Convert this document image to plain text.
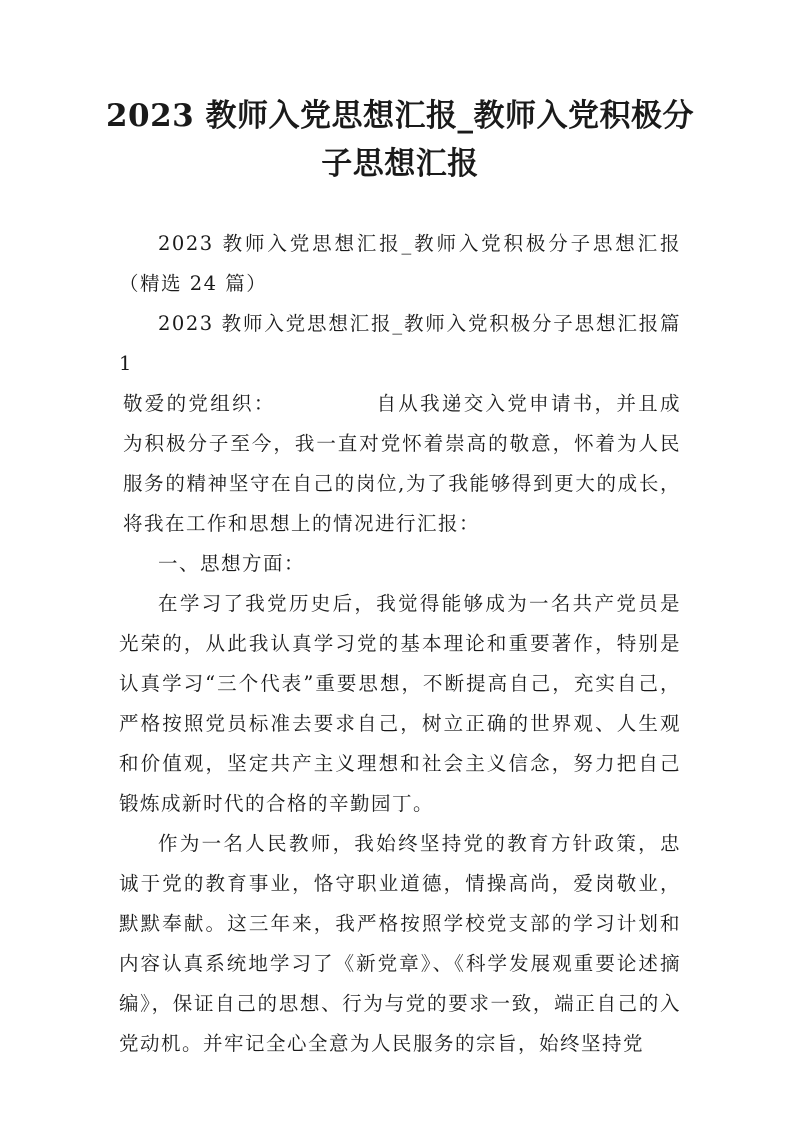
2023 教师入党思想汇报_教师入党积极分子思想汇报

2023 教师入党思想汇报_教师入党积极分子思想汇报（精选 24 篇）

2023 教师入党思想汇报_教师入党积极分子思想汇报篇 1

敬爱的党组织：	自从我递交入党申请书，并且成为积极分子至今，我一直对党怀着崇高的敬意，怀着为人民服务的精神坚守在自己的岗位,为了我能够得到更大的成长，将我在工作和思想上的情况进行汇报：

一、思想方面：

在学习了我党历史后，我觉得能够成为一名共产党员是光荣的，从此我认真学习党的基本理论和重要著作，特别是认真学习“三个代表”重要思想，不断提高自己，充实自己，严格按照党员标准去要求自己，树立正确的世界观、人生观和价值观，坚定共产主义理想和社会主义信念，努力把自己锻炼成新时代的合格的辛勤园丁。

作为一名人民教师，我始终坚持党的教育方针政策，忠诚于党的教育事业，恪守职业道德，情操高尚，爱岗敬业，默默奉献。这三年来，我严格按照学校党支部的学习计划和内容认真系统地学习了《新党章》、《科学发展观重要论述摘编》，保证自己的思想、行为与党的要求一致，端正自己的入党动机。并牢记全心全意为人民服务的宗旨，始终坚持党
